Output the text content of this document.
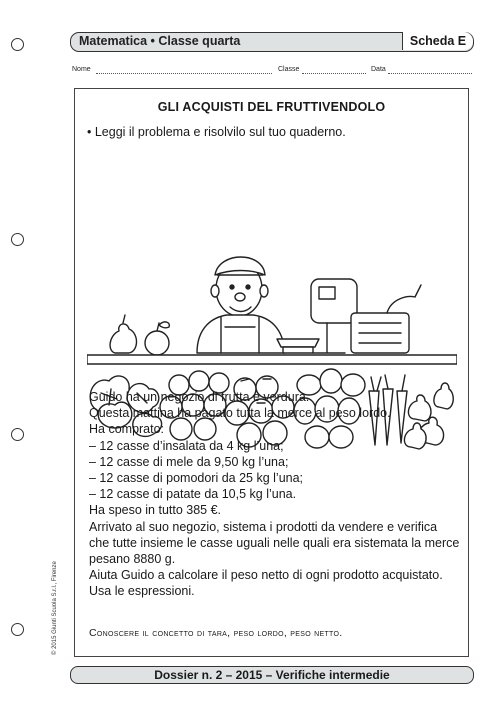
Matematica • Classe quarta	Scheda E
Nome	Classe	Data
GLI ACQUISTI DEL FRUTTIVENDOLO
• Leggi il problema e risolvilo sul tuo quaderno.
Guido ha un negozio di frutta e verdura.
Questa mattina ha pagato tutta la merce al peso lordo.
Ha comprato:
– 12 casse d’insalata da 4 kg l’una;
– 12 casse di mele da 9,50 kg l’una;
– 12 casse di pomodori da 25 kg l’una;
– 12 casse di patate da 10,5 kg l’una.
Ha speso in tutto 385 €.
Arrivato al suo negozio, sistema i prodotti da vendere e verifica
che tutte insieme le casse uguali nelle quali era sistemata la merce
pesano 8880 g.
Aiuta Guido a calcolare il peso netto di ogni prodotto acquistato.
Usa le espressioni.
Conoscere il concetto di tara, peso lordo, peso netto.
© 2015 Giunti Scuola S.r.l., Firenze
Dossier n. 2 – 2015 – Verifiche intermedie
